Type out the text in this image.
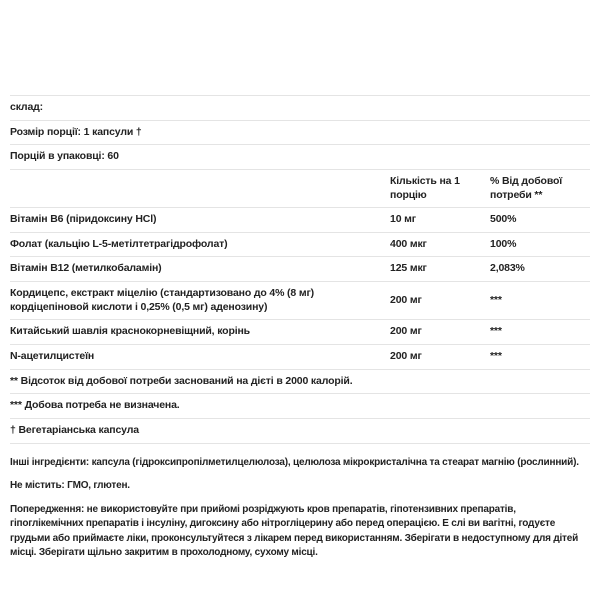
склад:		
Розмір порції: 1 капсули †		
Порцій в упаковці: 60		
	Кількість на 1 порцію	% Від добової потреби **
Вітамін B6 (піридоксину HCl)	10 мг	500%
Фолат (кальцію L-5-метілтетрагідрофолат)	400 мкг	100%
Вітамін B12 (метилкобаламін)	125 мкг	2,083%
Кордицепс, екстракт міцелію (стандартизовано до 4% (8 мг) кордіцепіновой кислоти і 0,25% (0,5 мг) аденозину)	200 мг	***
Китайський шавлія краснокорневіщний, корінь	200 мг	***
N-ацетилцистеїн	200 мг	***
** Відсоток від добової потреби заснований на дієті в 2000 калорій.		
*** Добова потреба не визначена.		
† Вегетаріанська капсула		

Інші інгредієнти: капсула (гідроксипропілметилцелюлоза), целюлоза мікрокристалічна та стеарат магнію (рослинний).

Не містить: ГМО, глютен.

Попередження: не використовуйте при прийомі розріджують кров препаратів, гіпотензивних препаратів, гіпоглікемічних препаратів і інсуліну, дигоксину або нітрогліцерину або перед операцією. Е слі ви вагітні, годуєте грудьми або приймаєте ліки, проконсультуйтеся з лікарем перед використанням. Зберігати в недоступному для дітей місці. Зберігати щільно закритим в прохолодному, сухому місці.
